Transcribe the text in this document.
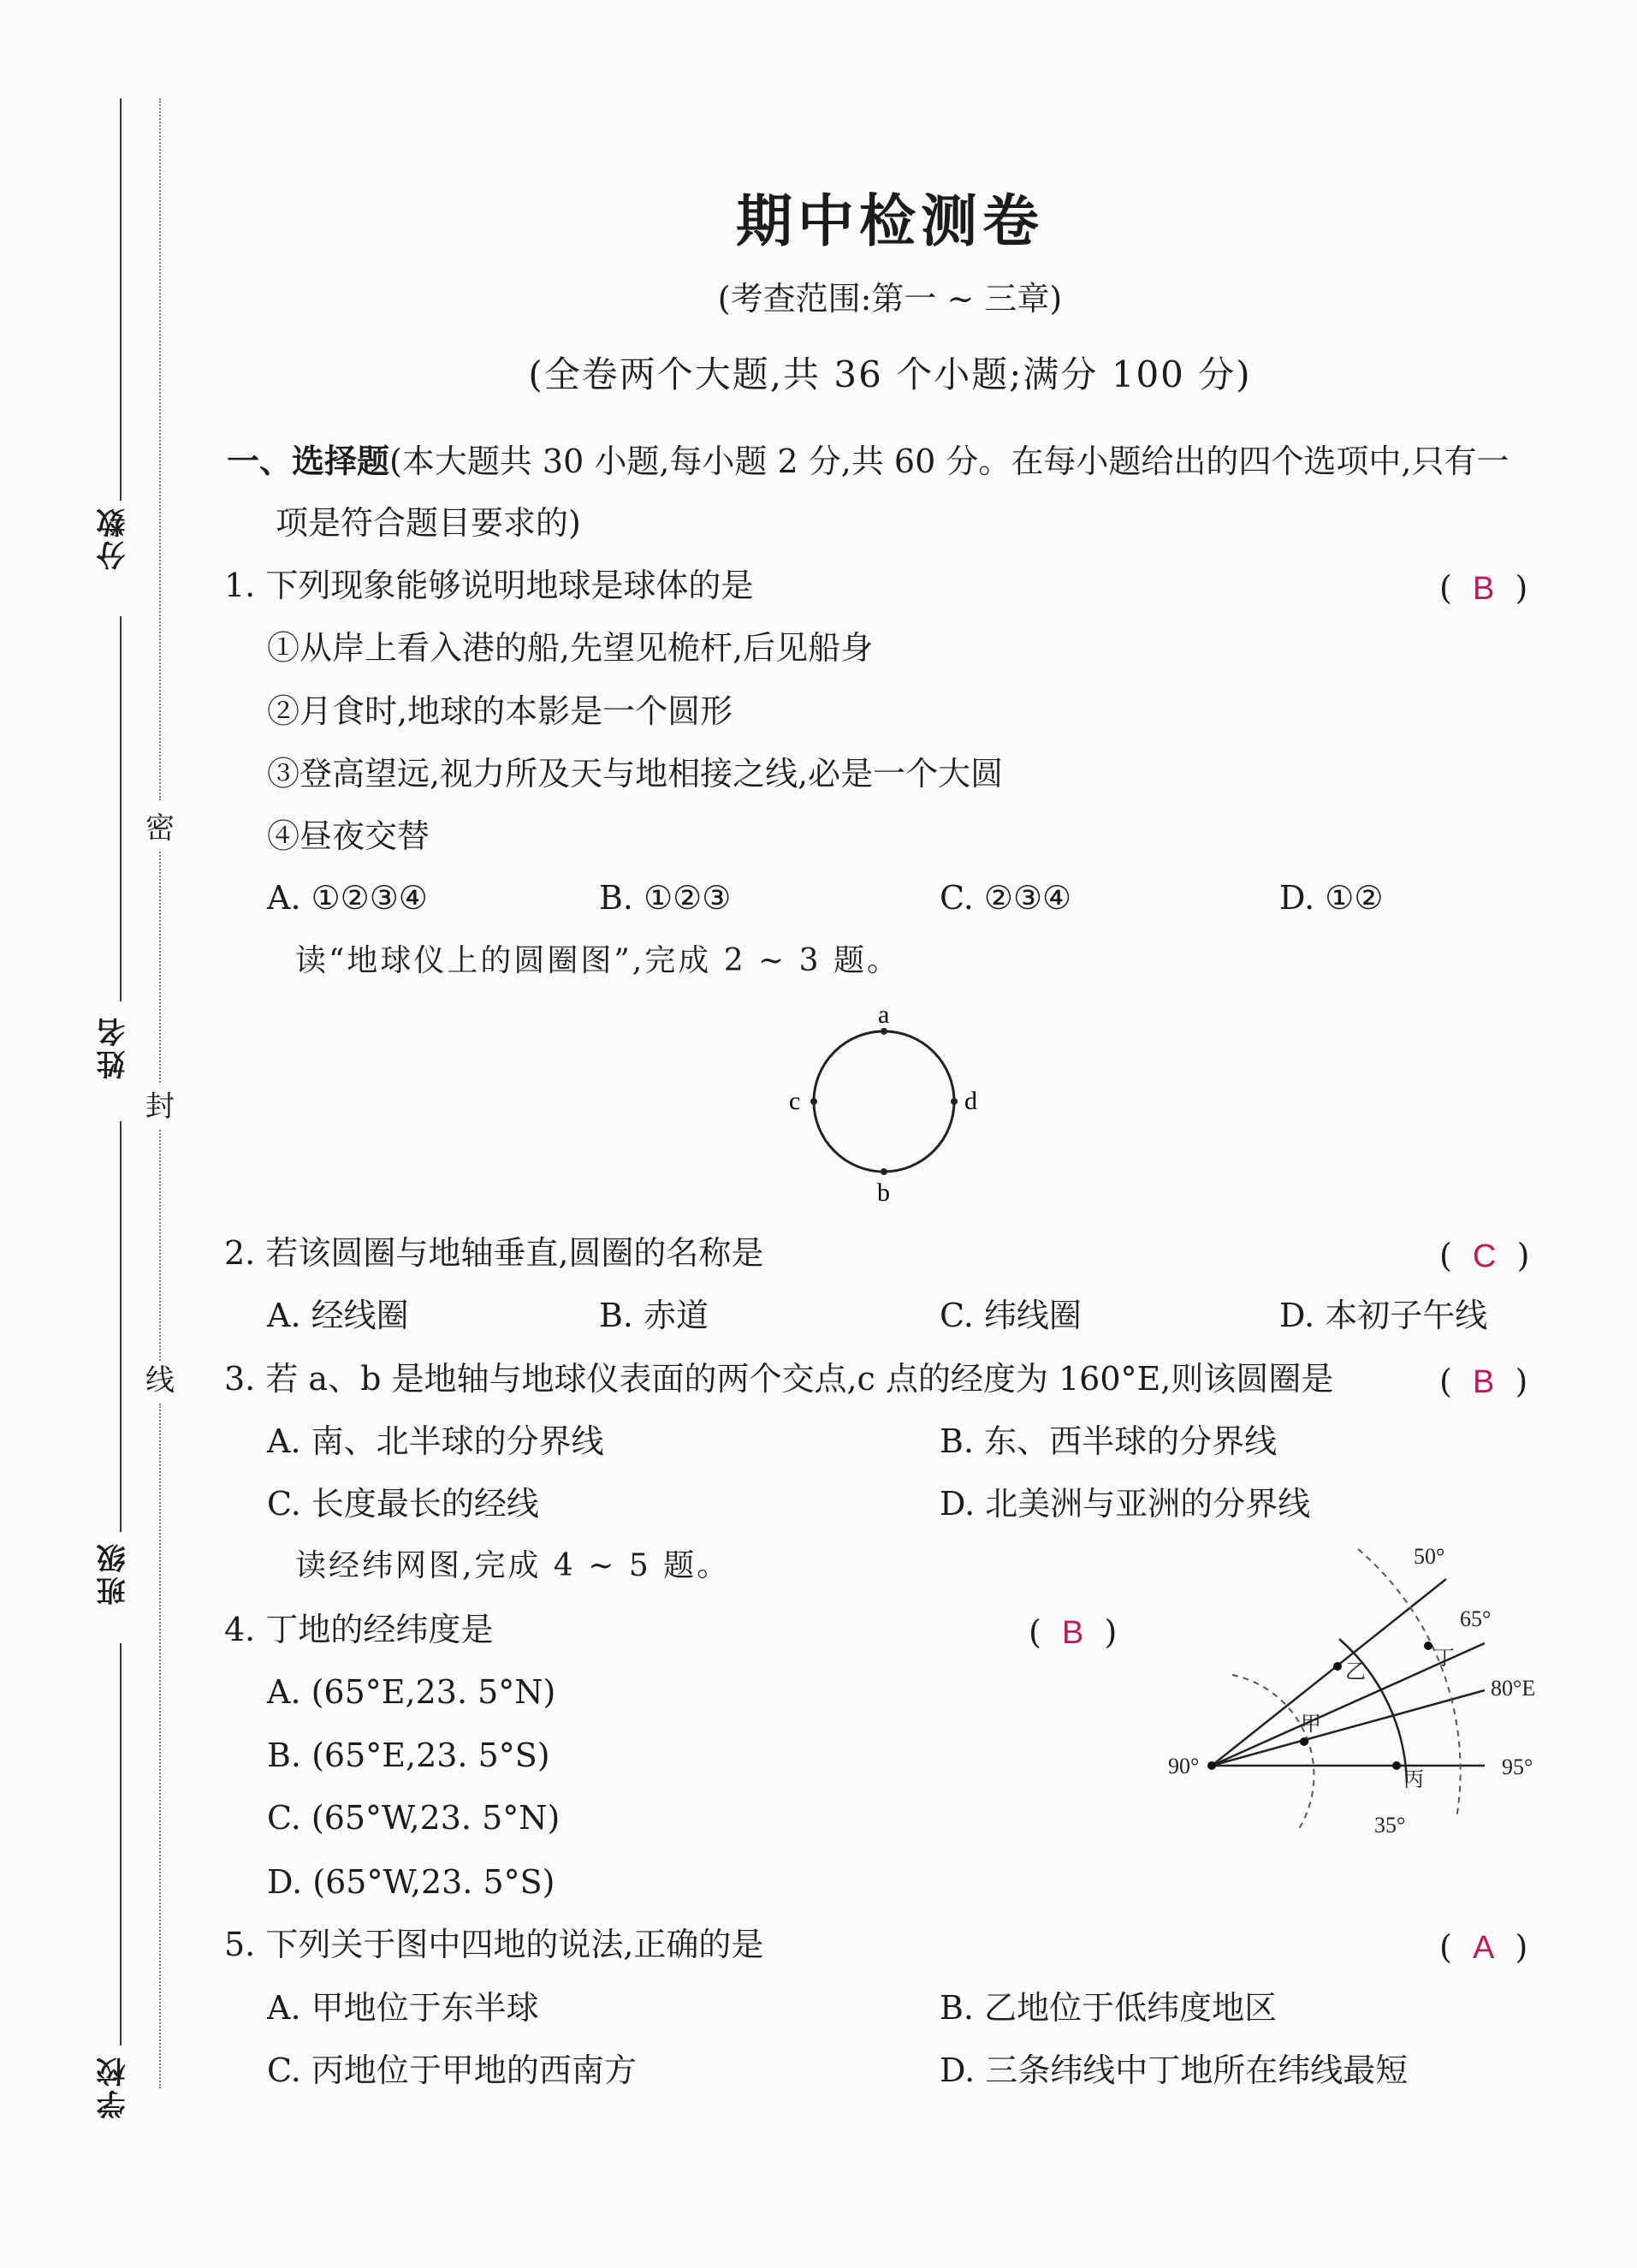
分数
姓名
班级
学校
密
封
线
期中检测卷
(考查范围:第一 ~ 三章)
(全卷两个大题,共 36 个小题;满分 100 分)
一、选择题(本大题共 30 小题,每小题 2 分,共 60 分。在每小题给出的四个选项中,只有一
项是符合题目要求的)
1. 下列现象能够说明地球是球体的是	(  B  )
①从岸上看入港的船,先望见桅杆,后见船身
②月食时,地球的本影是一个圆形
③登高望远,视力所及天与地相接之线,必是一个大圆
④昼夜交替
A. ①②③④	B. ①②③	C. ②③④	D. ①②
读“地球仪上的圆圈图”,完成 2 ~ 3 题。
a
b
c	d
2. 若该圆圈与地轴垂直,圆圈的名称是	(  C  )
A. 经线圈	B. 赤道	C. 纬线圈	D. 本初子午线
3. 若 a、b 是地轴与地球仪表面的两个交点,c 点的经度为 160°E,则该圆圈是	(  B  )
A. 南、北半球的分界线	B. 东、西半球的分界线
C. 长度最长的经线	D. 北美洲与亚洲的分界线
读经纬网图,完成 4 ~ 5 题。
4. 丁地的经纬度是	(  B  )
A. (65°E,23. 5°N)
B. (65°E,23. 5°S)
C. (65°W,23. 5°N)
D. (65°W,23. 5°S)
50°
65°
80°E
95°
90°
35°
乙
丁
甲
丙
5. 下列关于图中四地的说法,正确的是	(  A  )
A. 甲地位于东半球	B. 乙地位于低纬度地区
C. 丙地位于甲地的西南方	D. 三条纬线中丁地所在纬线最短
